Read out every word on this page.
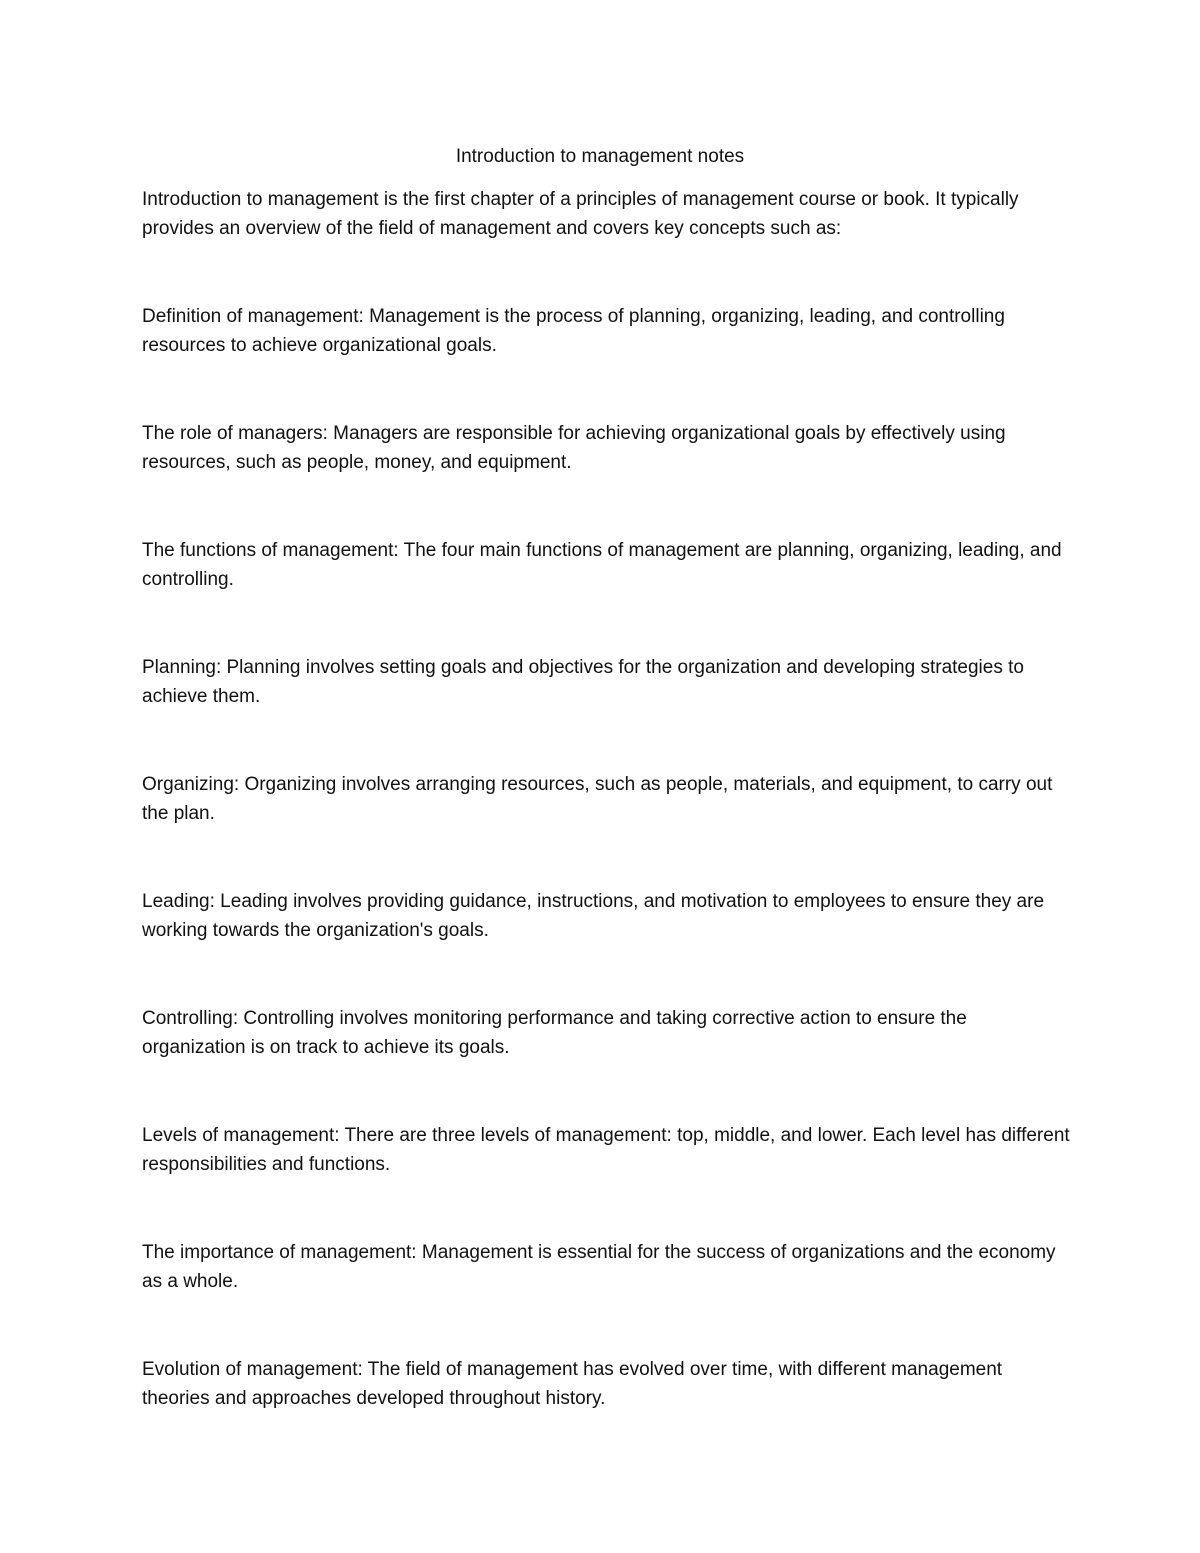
Introduction to management notes

Introduction to management is the first chapter of a principles of management course or book. It typically provides an overview of the field of management and covers key concepts such as:

Definition of management: Management is the process of planning, organizing, leading, and controlling resources to achieve organizational goals.

The role of managers: Managers are responsible for achieving organizational goals by effectively using resources, such as people, money, and equipment.

The functions of management: The four main functions of management are planning, organizing, leading, and controlling.

Planning: Planning involves setting goals and objectives for the organization and developing strategies to achieve them.

Organizing: Organizing involves arranging resources, such as people, materials, and equipment, to carry out the plan.

Leading: Leading involves providing guidance, instructions, and motivation to employees to ensure they are working towards the organization's goals.

Controlling: Controlling involves monitoring performance and taking corrective action to ensure the organization is on track to achieve its goals.

Levels of management: There are three levels of management: top, middle, and lower. Each level has different responsibilities and functions.

The importance of management: Management is essential for the success of organizations and the economy as a whole.

Evolution of management: The field of management has evolved over time, with different management theories and approaches developed throughout history.
